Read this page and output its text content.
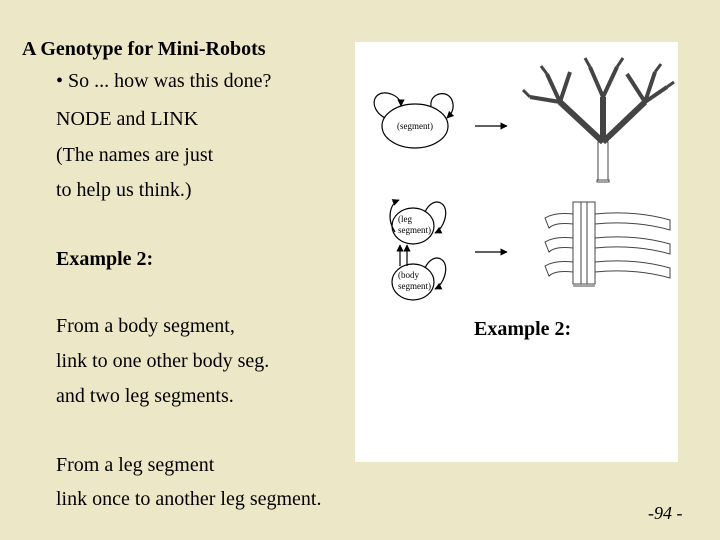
A Genotype for Mini-Robots

• So ... how was this done?

NODE and LINK

(The names are just

to help us think.)

Example 2:

From a body segment,

link to one other body seg.

and two leg segments.

From a leg segment

link once to another leg segment.

(segment)
(leg
segment)
(body
segment)

Example 2:

-94 -
